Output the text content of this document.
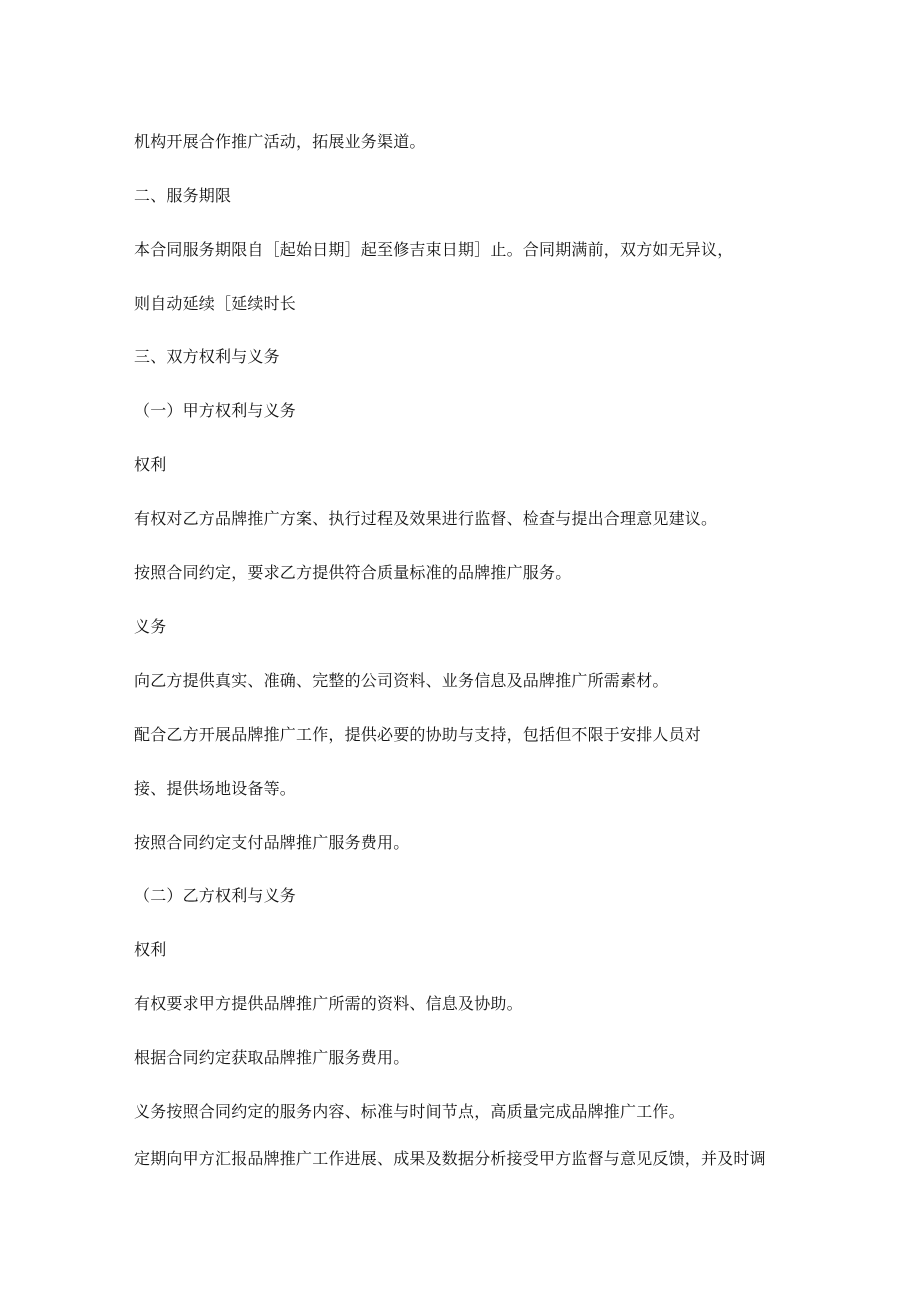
机构开展合作推广活动，拓展业务渠道。
二、服务期限
本合同服务期限自［起始日期］起至修吉束日期］止。合同期满前，双方如无异议，
则自动延续［延续时长
三、双方权利与义务
（一）甲方权利与义务
权利
有权对乙方品牌推广方案、执行过程及效果进行监督、检查与提出合理意见建议。
按照合同约定，要求乙方提供符合质量标准的品牌推广服务。
义务
向乙方提供真实、准确、完整的公司资料、业务信息及品牌推广所需素材。
配合乙方开展品牌推广工作，提供必要的协助与支持，包括但不限于安排人员对
接、提供场地设备等。
按照合同约定支付品牌推广服务费用。
（二）乙方权利与义务
权利
有权要求甲方提供品牌推广所需的资料、信息及协助。
根据合同约定获取品牌推广服务费用。
义务按照合同约定的服务内容、标准与时间节点，高质量完成品牌推广工作。
定期向甲方汇报品牌推广工作进展、成果及数据分析接受甲方监督与意见反馈，并及时调
